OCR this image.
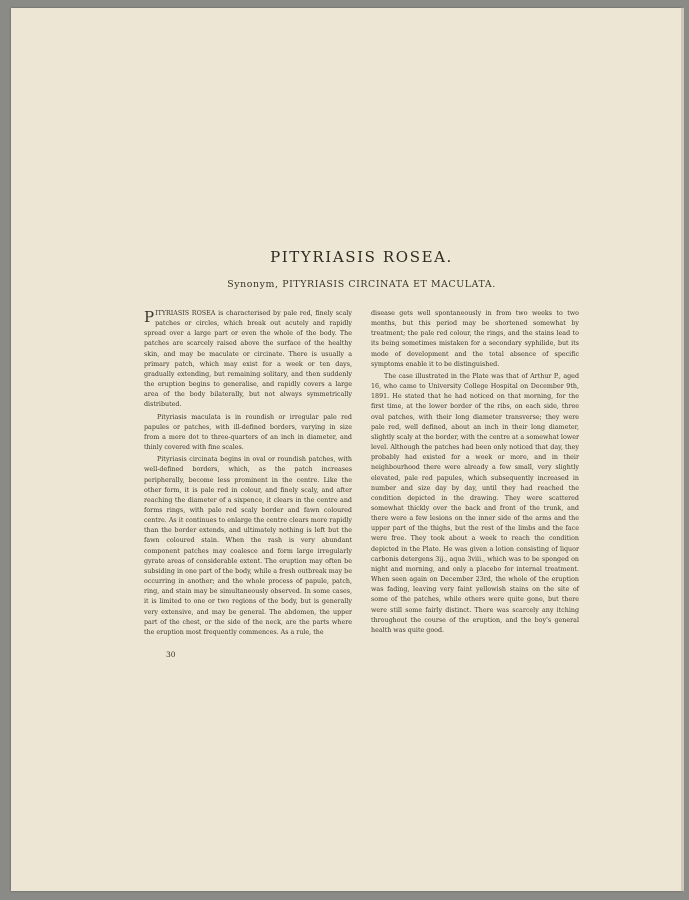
PITYRIASIS ROSEA.
Synonym, PITYRIASIS CIRCINATA ET MACULATA.

PITYRIASIS ROSEA is characterised by pale red, finely scaly patches or circles, which break out acutely and rapidly spread over a large part or even the whole of the body. The patches are scarcely raised above the surface of the healthy skin, and may be maculate or circinate. There is usually a primary patch, which may exist for a week or ten days, gradually extending, but remaining solitary, and then suddenly the eruption begins to generalise, and rapidly covers a large area of the body bilaterally, but not always symmetrically distributed.

Pityriasis maculata is in roundish or irregular pale red papules or patches, with ill-defined borders, varying in size from a mere dot to three-quarters of an inch in diameter, and thinly covered with fine scales.

Pityriasis circinata begins in oval or roundish patches, with well-defined borders, which, as the patch increases peripherally, become less prominent in the centre. Like the other form, it is pale red in colour, and finely scaly, and after reaching the diameter of a sixpence, it clears in the centre and forms rings, with pale red scaly border and fawn coloured centre. As it continues to enlarge the centre clears more rapidly than the border extends, and ultimately nothing is left but the fawn coloured stain. When the rash is very abundant component patches may coalesce and form large irregularly gyrate areas of considerable extent. The eruption may often be subsiding in one part of the body, while a fresh outbreak may be occurring in another; and the whole process of papule, patch, ring, and stain may be simultaneously observed. In some cases, it is limited to one or two regions of the body, but is generally very extensive, and may be general. The abdomen, the upper part of the chest, or the side of the neck, are the parts where the eruption most frequently commences. As a rule, the

disease gets well spontaneously in from two weeks to two months, but this period may be shortened somewhat by treatment; the pale red colour, the rings, and the stains lead to its being sometimes mistaken for a secondary syphilide, but its mode of development and the total absence of specific symptoms enable it to be distinguished.

The case illustrated in the Plate was that of Arthur P., aged 16, who came to University College Hospital on December 9th, 1891. He stated that he had noticed on that morning, for the first time, at the lower border of the ribs, on each side, three oval patches, with their long diameter transverse; they were pale red, well defined, about an inch in their long diameter, slightly scaly at the border, with the centre at a somewhat lower level. Although the patches had been only noticed that day, they probably had existed for a week or more, and in their neighbourhood there were already a few small, very slightly elevated, pale red papules, which subsequently increased in number and size day by day, until they had reached the condition depicted in the drawing. They were scattered somewhat thickly over the back and front of the trunk, and there were a few lesions on the inner side of the arms and the upper part of the thighs, but the rest of the limbs and the face were free. They took about a week to reach the condition depicted in the Plate. He was given a lotion consisting of liquor carbonis detergens 3ij., aqua 3viii., which was to be sponged on night and morning, and only a placebo for internal treatment. When seen again on December 23rd, the whole of the eruption was fading, leaving very faint yellowish stains on the site of some of the patches, while others were quite gone, but there were still some fairly distinct. There was scarcely any itching throughout the course of the eruption, and the boy's general health was quite good.

30
